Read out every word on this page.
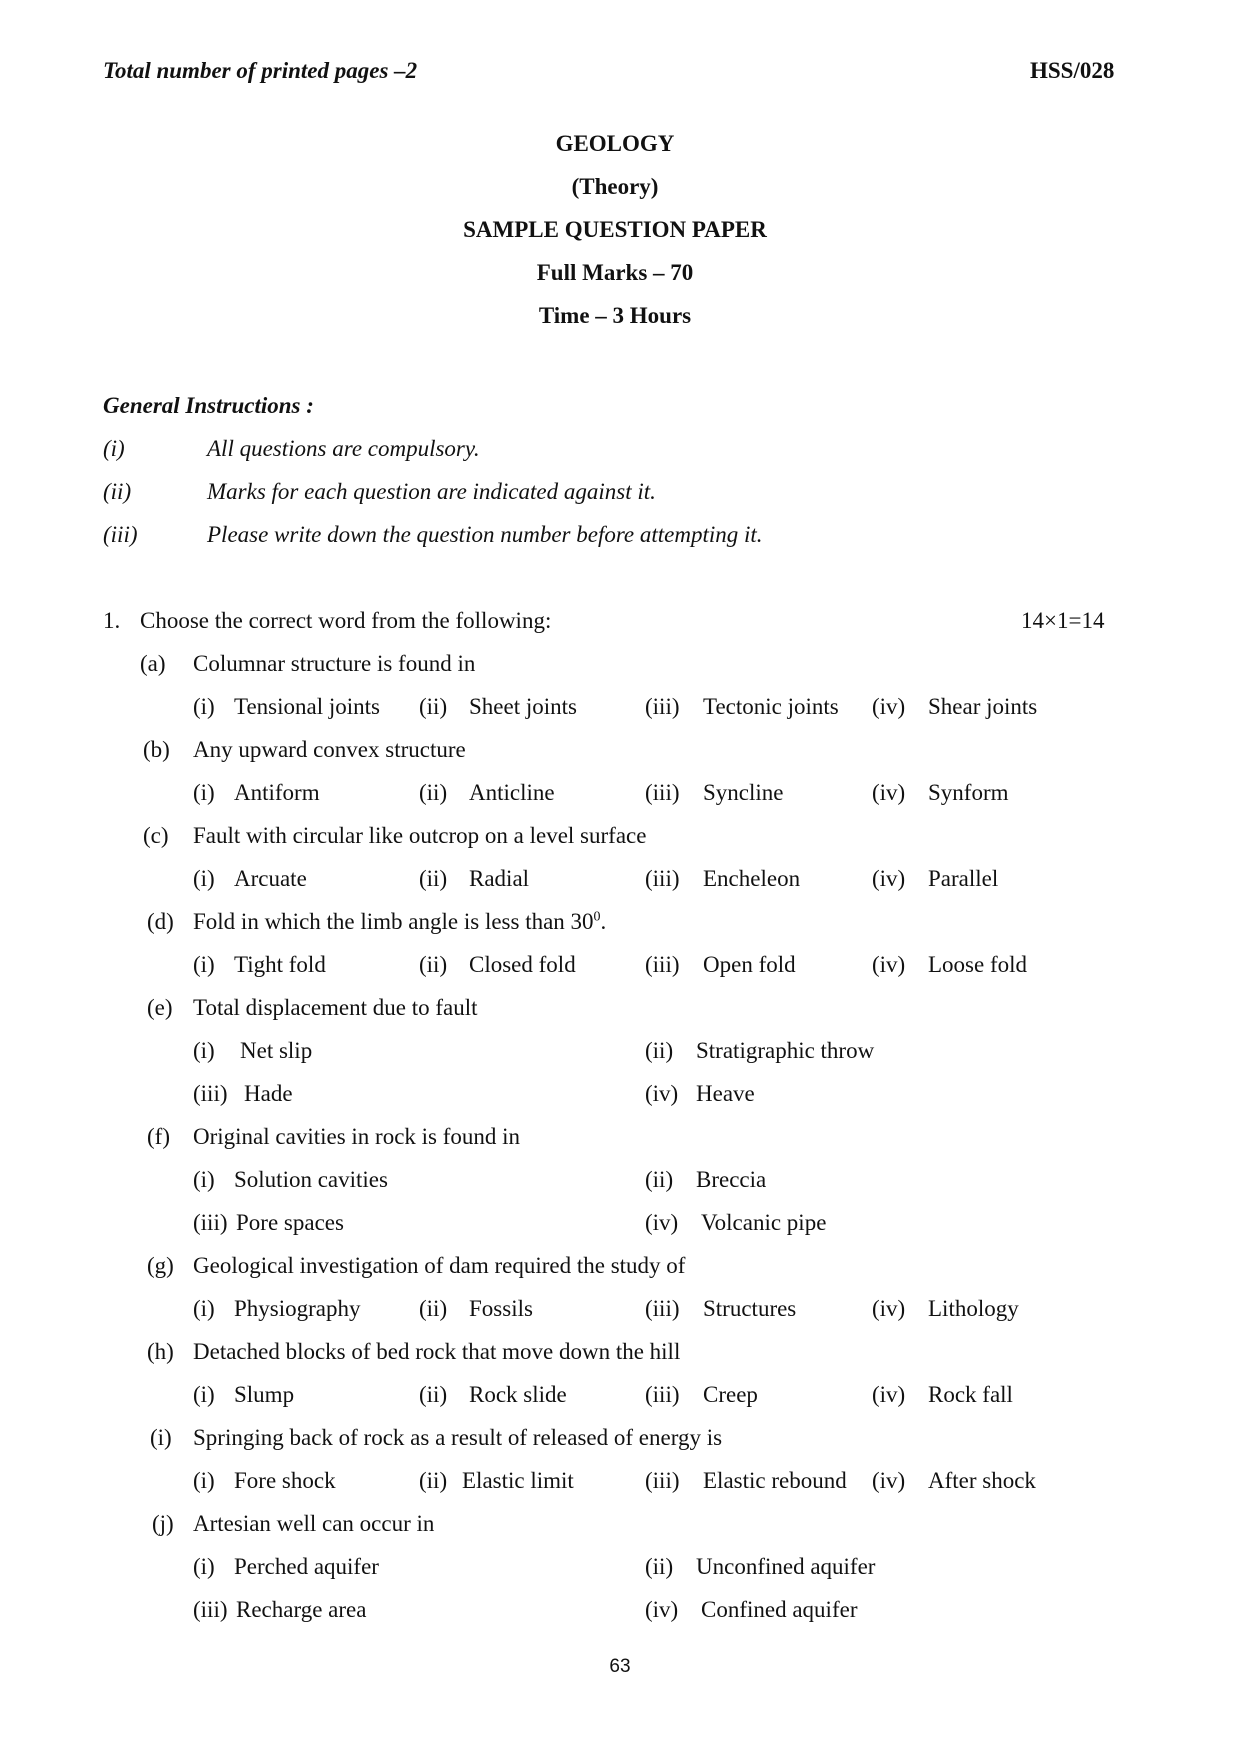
Total number of printed pages –2	HSS/028
GEOLOGY
(Theory)
SAMPLE QUESTION PAPER
Full Marks – 70
Time – 3 Hours
General Instructions :
(i)	All questions are compulsory.
(ii)	Marks for each question are indicated against it.
(iii)	Please write down the question number before attempting it.
1. Choose the correct word from the following:	14×1=14
(a) Columnar structure is found in
(i) Tensional joints (ii) Sheet joints	(iii) Tectonic joints (iv) Shear joints
(b) Any upward convex structure
(i) Antiform	(ii) Anticline	(iii) Syncline	(iv) Synform
(c) Fault with circular like outcrop on a level surface
(i) Arcuate	(ii) Radial	(iii) Encheleon	(iv) Parallel
(d) Fold in which the limb angle is less than $30^0$.
(i) Tight fold	(ii) Closed fold	(iii) Open fold	(iv) Loose fold
(e) Total displacement due to fault
(i) Net slip	(ii) Stratigraphic throw
(iii) Hade	(iv) Heave
(f) Original cavities in rock is found in
(i) Solution cavities	(ii) Breccia
(iii) Pore spaces	(iv) Volcanic pipe
(g) Geological investigation of dam required the study of
(i) Physiography	(ii) Fossils	(iii) Structures	(iv) Lithology
(h) Detached blocks of bed rock that move down the hill
(i) Slump	(ii) Rock slide	(iii) Creep	(iv) Rock fall
(i) Springing back of rock as a result of released of energy is
(i) Fore shock	(ii) Elastic limit	(iii) Elastic rebound (iv) After shock
(j) Artesian well can occur in
(i) Perched aquifer	(ii) Unconfined aquifer
(iii) Recharge area	(iv) Confined aquifer
63
